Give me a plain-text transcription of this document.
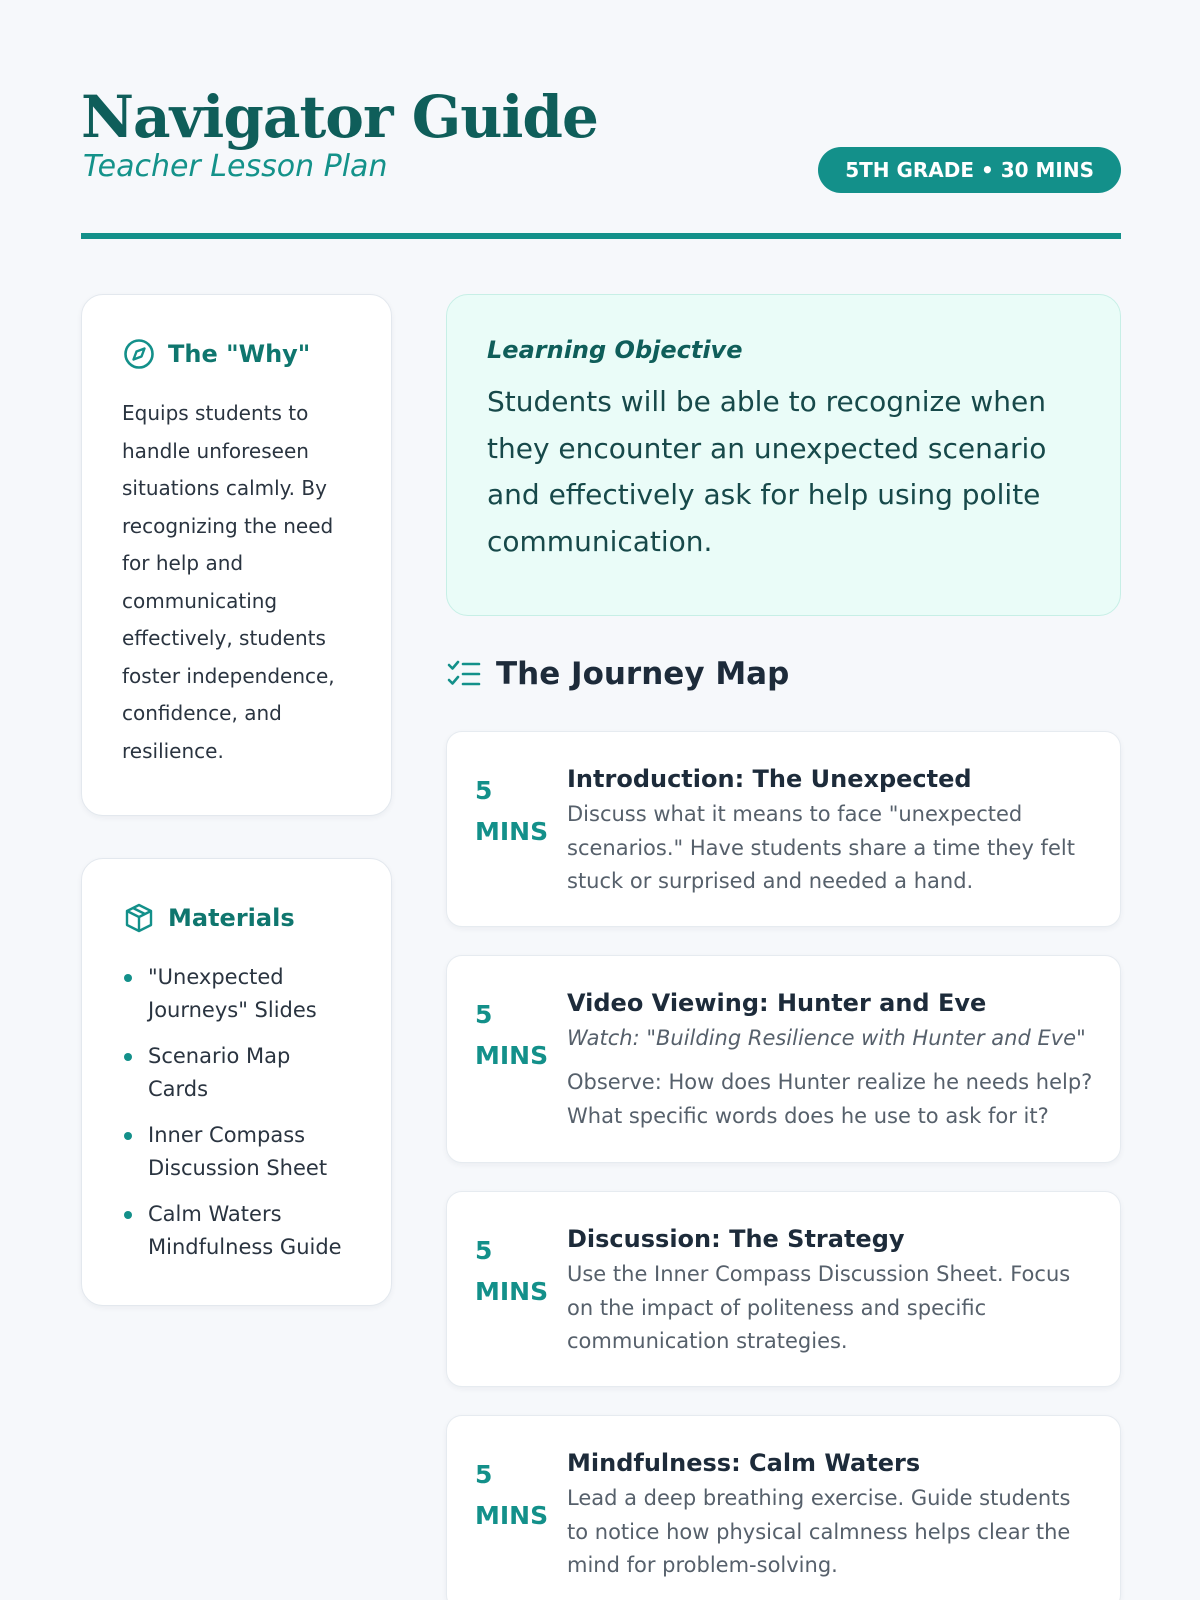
Navigator Guide
Teacher Lesson Plan	5TH GRADE • 30 MINS
The "Why"

Equips students to handle unforeseen situations calmly. By recognizing the need for help and communicating effectively, students foster independence, confidence, and resilience.

Materials
"Unexpected Journeys" Slides
Scenario Map Cards
Inner Compass Discussion Sheet
Calm Waters Mindfulness Guide
Learning Objective

Students will be able to recognize when they encounter an unexpected scenario and effectively ask for help using polite communication.

The Journey Map
5 MINS
Introduction: The Unexpected

Discuss what it means to face "unexpected scenarios." Have students share a time they felt stuck or surprised and needed a hand.

5 MINS
Video Viewing: Hunter and Eve
Watch: "Building Resilience with Hunter and Eve"

Observe: How does Hunter realize he needs help? What specific words does he use to ask for it?

5 MINS
Discussion: The Strategy

Use the Inner Compass Discussion Sheet. Focus on the impact of politeness and specific communication strategies.

5 MINS
Mindfulness: Calm Waters

Lead a deep breathing exercise. Guide students to notice how physical calmness helps clear the mind for problem-solving.
